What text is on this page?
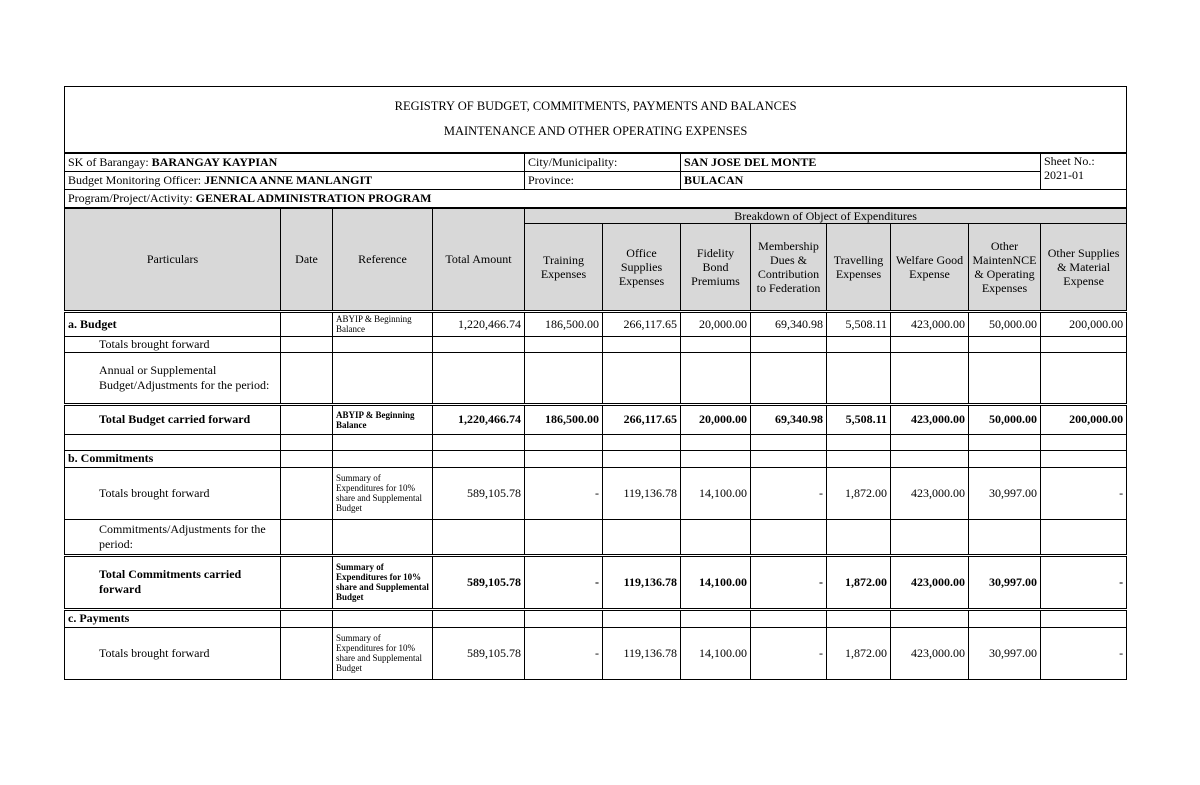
REGISTRY OF BUDGET, COMMITMENTS, PAYMENTS AND BALANCES
MAINTENANCE AND OTHER OPERATING EXPENSES											

SK of Barangay: BARANGAY KAYPIAN				City/Municipality:		SAN JOSE DEL MONTE					Sheet No.:
2021-01

Budget Monitoring Officer: JENNICA ANNE MANLANGIT				Province:		BULACAN					
Program/Project/Activity: GENERAL ADMINISTRATION PROGRAM											
Particulars	Date	Reference	Total Amount	Breakdown of Object of Expenditures							
				Training Expenses	Office Supplies Expenses	Fidelity Bond Premiums	Membership Dues & Contribution to Federation	Travelling Expenses	Welfare Good Expense	Other MaintenNCE & Operating Expenses	Other Supplies & Material Expense
a. Budget		ABYIP & Beginning Balance	1,220,466.74	186,500.00	266,117.65	20,000.00	69,340.98	5,508.11	423,000.00	50,000.00	200,000.00
Totals brought forward											
Annual or Supplemental Budget/Adjustments for the period:											
Total Budget carried forward		ABYIP & Beginning Balance	1,220,466.74	186,500.00	266,117.65	20,000.00	69,340.98	5,508.11	423,000.00	50,000.00	200,000.00

b. Commitments											
Totals brought forward		Summary of Expenditures for 10% share and Supplemental Budget	589,105.78	-	119,136.78	14,100.00	-	1,872.00	423,000.00	30,997.00	-
Commitments/Adjustments for the period:											
Total Commitments carried forward		Summary of Expenditures for 10% share and Supplemental Budget	589,105.78	-	119,136.78	14,100.00	-	1,872.00	423,000.00	30,997.00	-
c. Payments											
Totals brought forward		Summary of Expenditures for 10% share and Supplemental Budget	589,105.78	-	119,136.78	14,100.00	-	1,872.00	423,000.00	30,997.00	-
